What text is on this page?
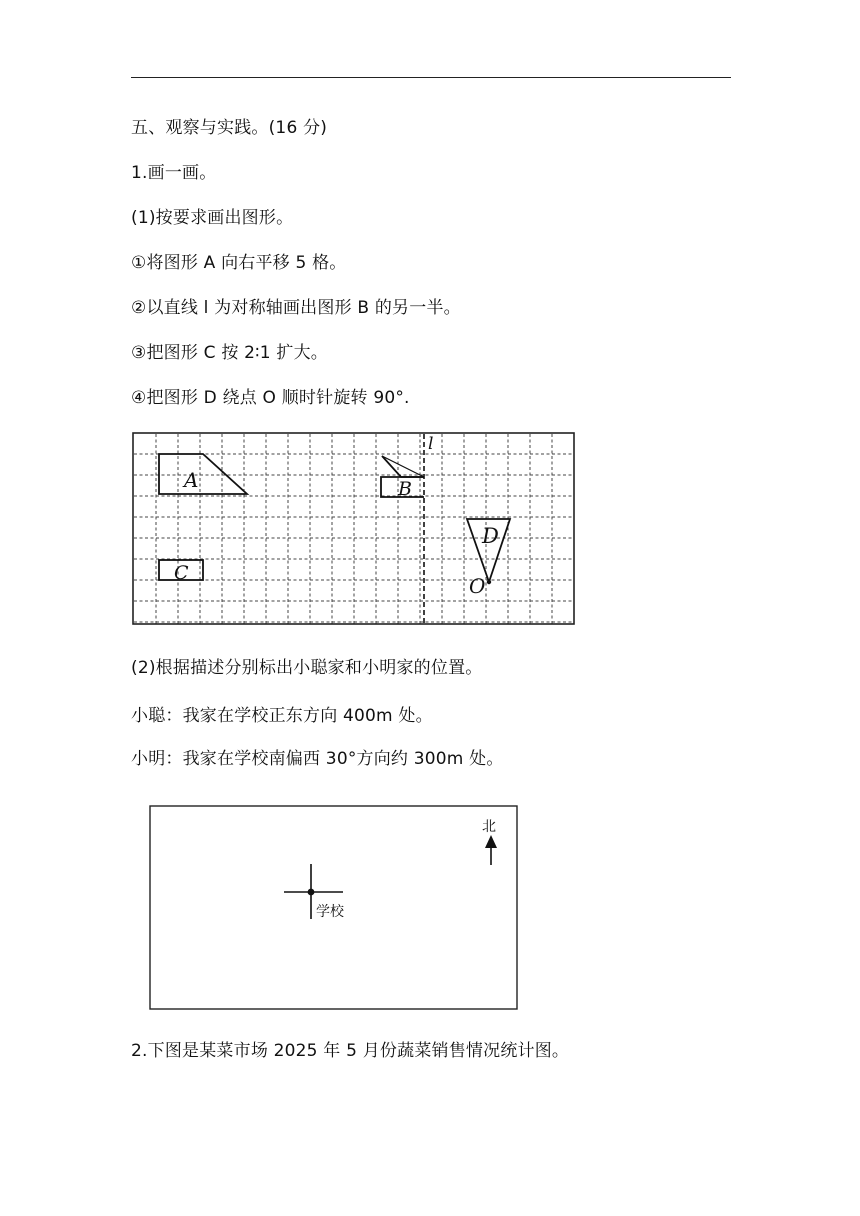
五、观察与实践。(16 分)
1.画一画。
(1)按要求画出图形。
①将图形 A 向右平移 5 格。
②以直线 l 为对称轴画出图形 B 的另一半。
③把图形 C 按 2∶1 扩大。
④把图形 D 绕点 O 顺时针旋转 90°.
A	B
C
D
O
l
(2)根据描述分别标出小聪家和小明家的位置。
小聪：我家在学校正东方向 400m 处。
小明：我家在学校南偏西 30°方向约 300m 处。
学校
北
2.下图是某菜市场 2025 年 5 月份蔬菜销售情况统计图。
